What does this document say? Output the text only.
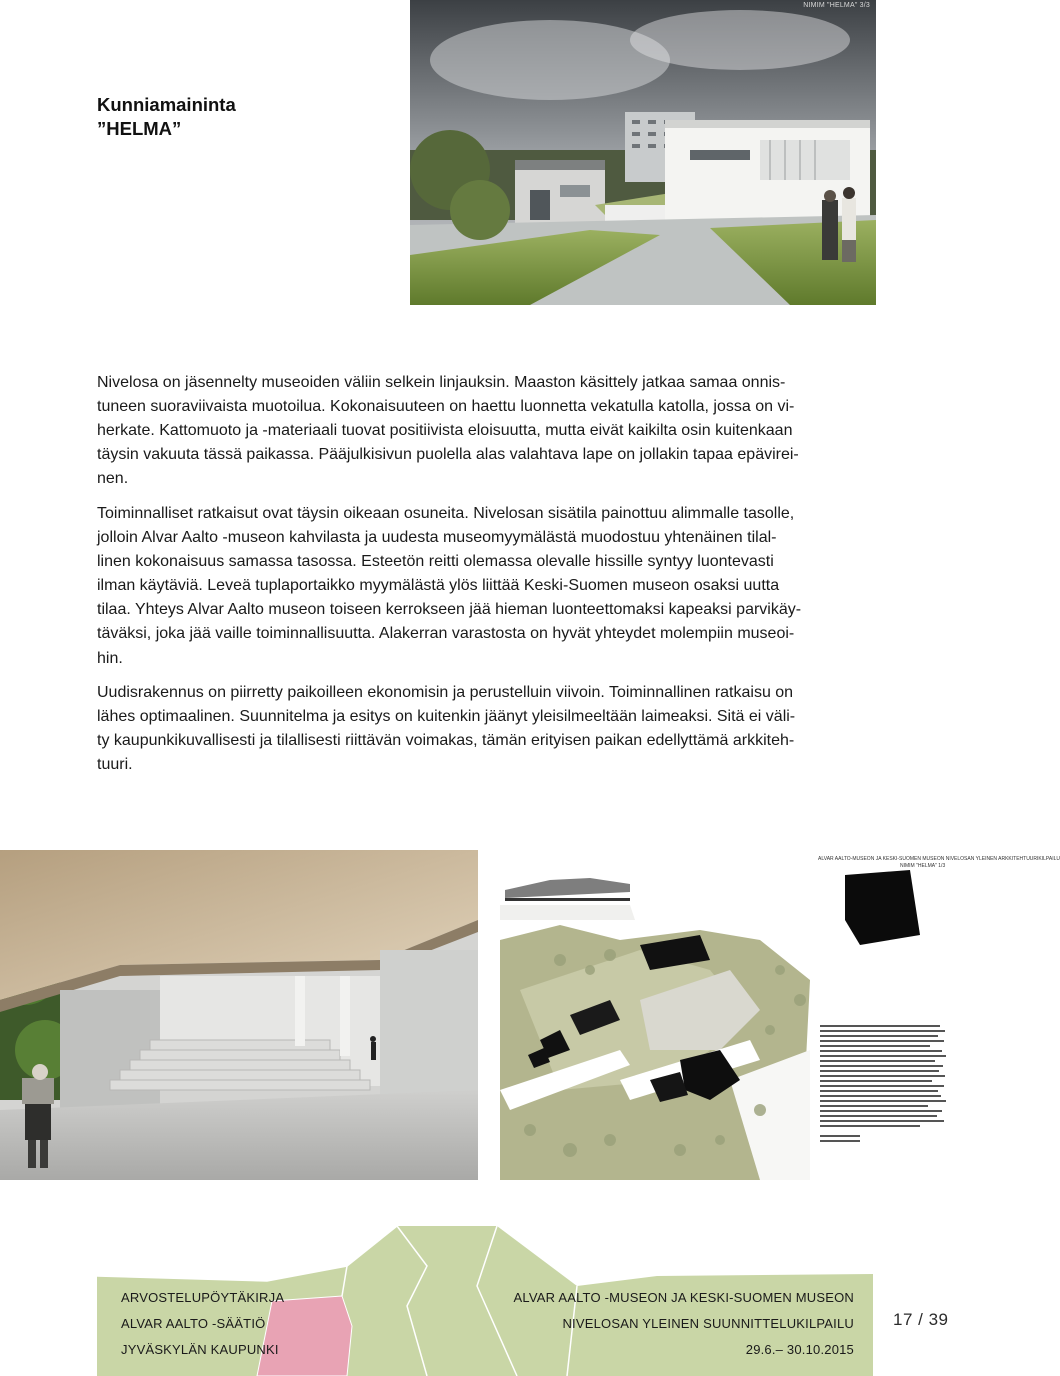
Kunniamaininta
”HELMA”
NIMIM "HELMA" 3/3

Nivelosa on jäsennelty museoiden väliin selkein linjauksin. Maaston käsittely jatkaa samaa onnis-
tuneen suoraviivaista muotoilua. Kokonaisuuteen on haettu luonnetta vekatulla katolla, jossa on vi-
herkate. Kattomuoto ja -materiaali tuovat positiivista eloisuutta, mutta eivät kaikilta osin kuitenkaan
täysin vakuuta tässä paikassa. Pääjulkisivun puolella alas valahtava lape on jollakin tapaa epävirei-
nen.

Toiminnalliset ratkaisut ovat täysin oikeaan osuneita. Nivelosan sisätila painottuu alimmalle tasolle,
jolloin Alvar Aalto -museon kahvilasta ja uudesta museomyymälästä muodostuu yhtenäinen tilal-
linen kokonaisuus samassa tasossa. Esteetön reitti olemassa olevalle hissille syntyy luontevasti
ilman käytäviä. Leveä tuplaportaikko myymälästä ylös liittää Keski-Suomen museon osaksi uutta
tilaa. Yhteys Alvar Aalto museon toiseen kerrokseen jää hieman luonteettomaksi kapeaksi parvikäy-
täväksi, joka jää vaille toiminnallisuutta. Alakerran varastosta on hyvät yhteydet molempiin museoi-
hin.

Uudisrakennus on piirretty paikoilleen ekonomisin ja perustelluin viivoin. Toiminnallinen ratkaisu on
lähes optimaalinen. Suunnitelma ja esitys on kuitenkin jäänyt yleisilmeeltään laimeaksi. Sitä ei väli-
ty kaupunkikuvallisesti ja tilallisesti riittävän voimakas, tämän erityisen paikan edellyttämä arkkiteh-
tuuri.

ALVAR AALTO-MUSEON JA KESKI-SUOMEN MUSEON NIVELOSAN YLEINEN ARKKITEHTUURIKILPAILU
NIMIM "HELMA" 1/3
ARVOSTELUPÖYTÄKIRJA
ALVAR AALTO -SÄÄTIÖ
JYVÄSKYLÄN KAUPUNKI
ALVAR AALTO -MUSEON JA KESKI-SUOMEN MUSEON
NIVELOSAN YLEINEN SUUNNITTELUKILPAILU
29.6.– 30.10.2015
17 / 39
